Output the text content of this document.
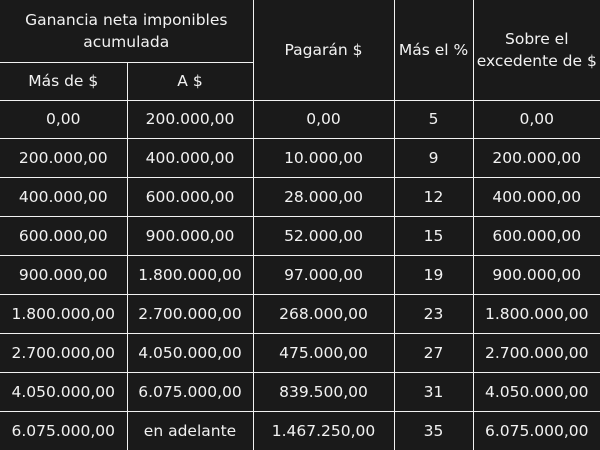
Ganancia neta imponibles acumulada		Pagarán $	Más el %	Sobre el excedente de $
Más de $	A $			
0,00	200.000,00	0,00	5	0,00
200.000,00	400.000,00	10.000,00	9	200.000,00
400.000,00	600.000,00	28.000,00	12	400.000,00
600.000,00	900.000,00	52.000,00	15	600.000,00
900.000,00	1.800.000,00	97.000,00	19	900.000,00
1.800.000,00	2.700.000,00	268.000,00	23	1.800.000,00
2.700.000,00	4.050.000,00	475.000,00	27	2.700.000,00
4.050.000,00	6.075.000,00	839.500,00	31	4.050.000,00
6.075.000,00	en adelante	1.467.250,00	35	6.075.000,00
